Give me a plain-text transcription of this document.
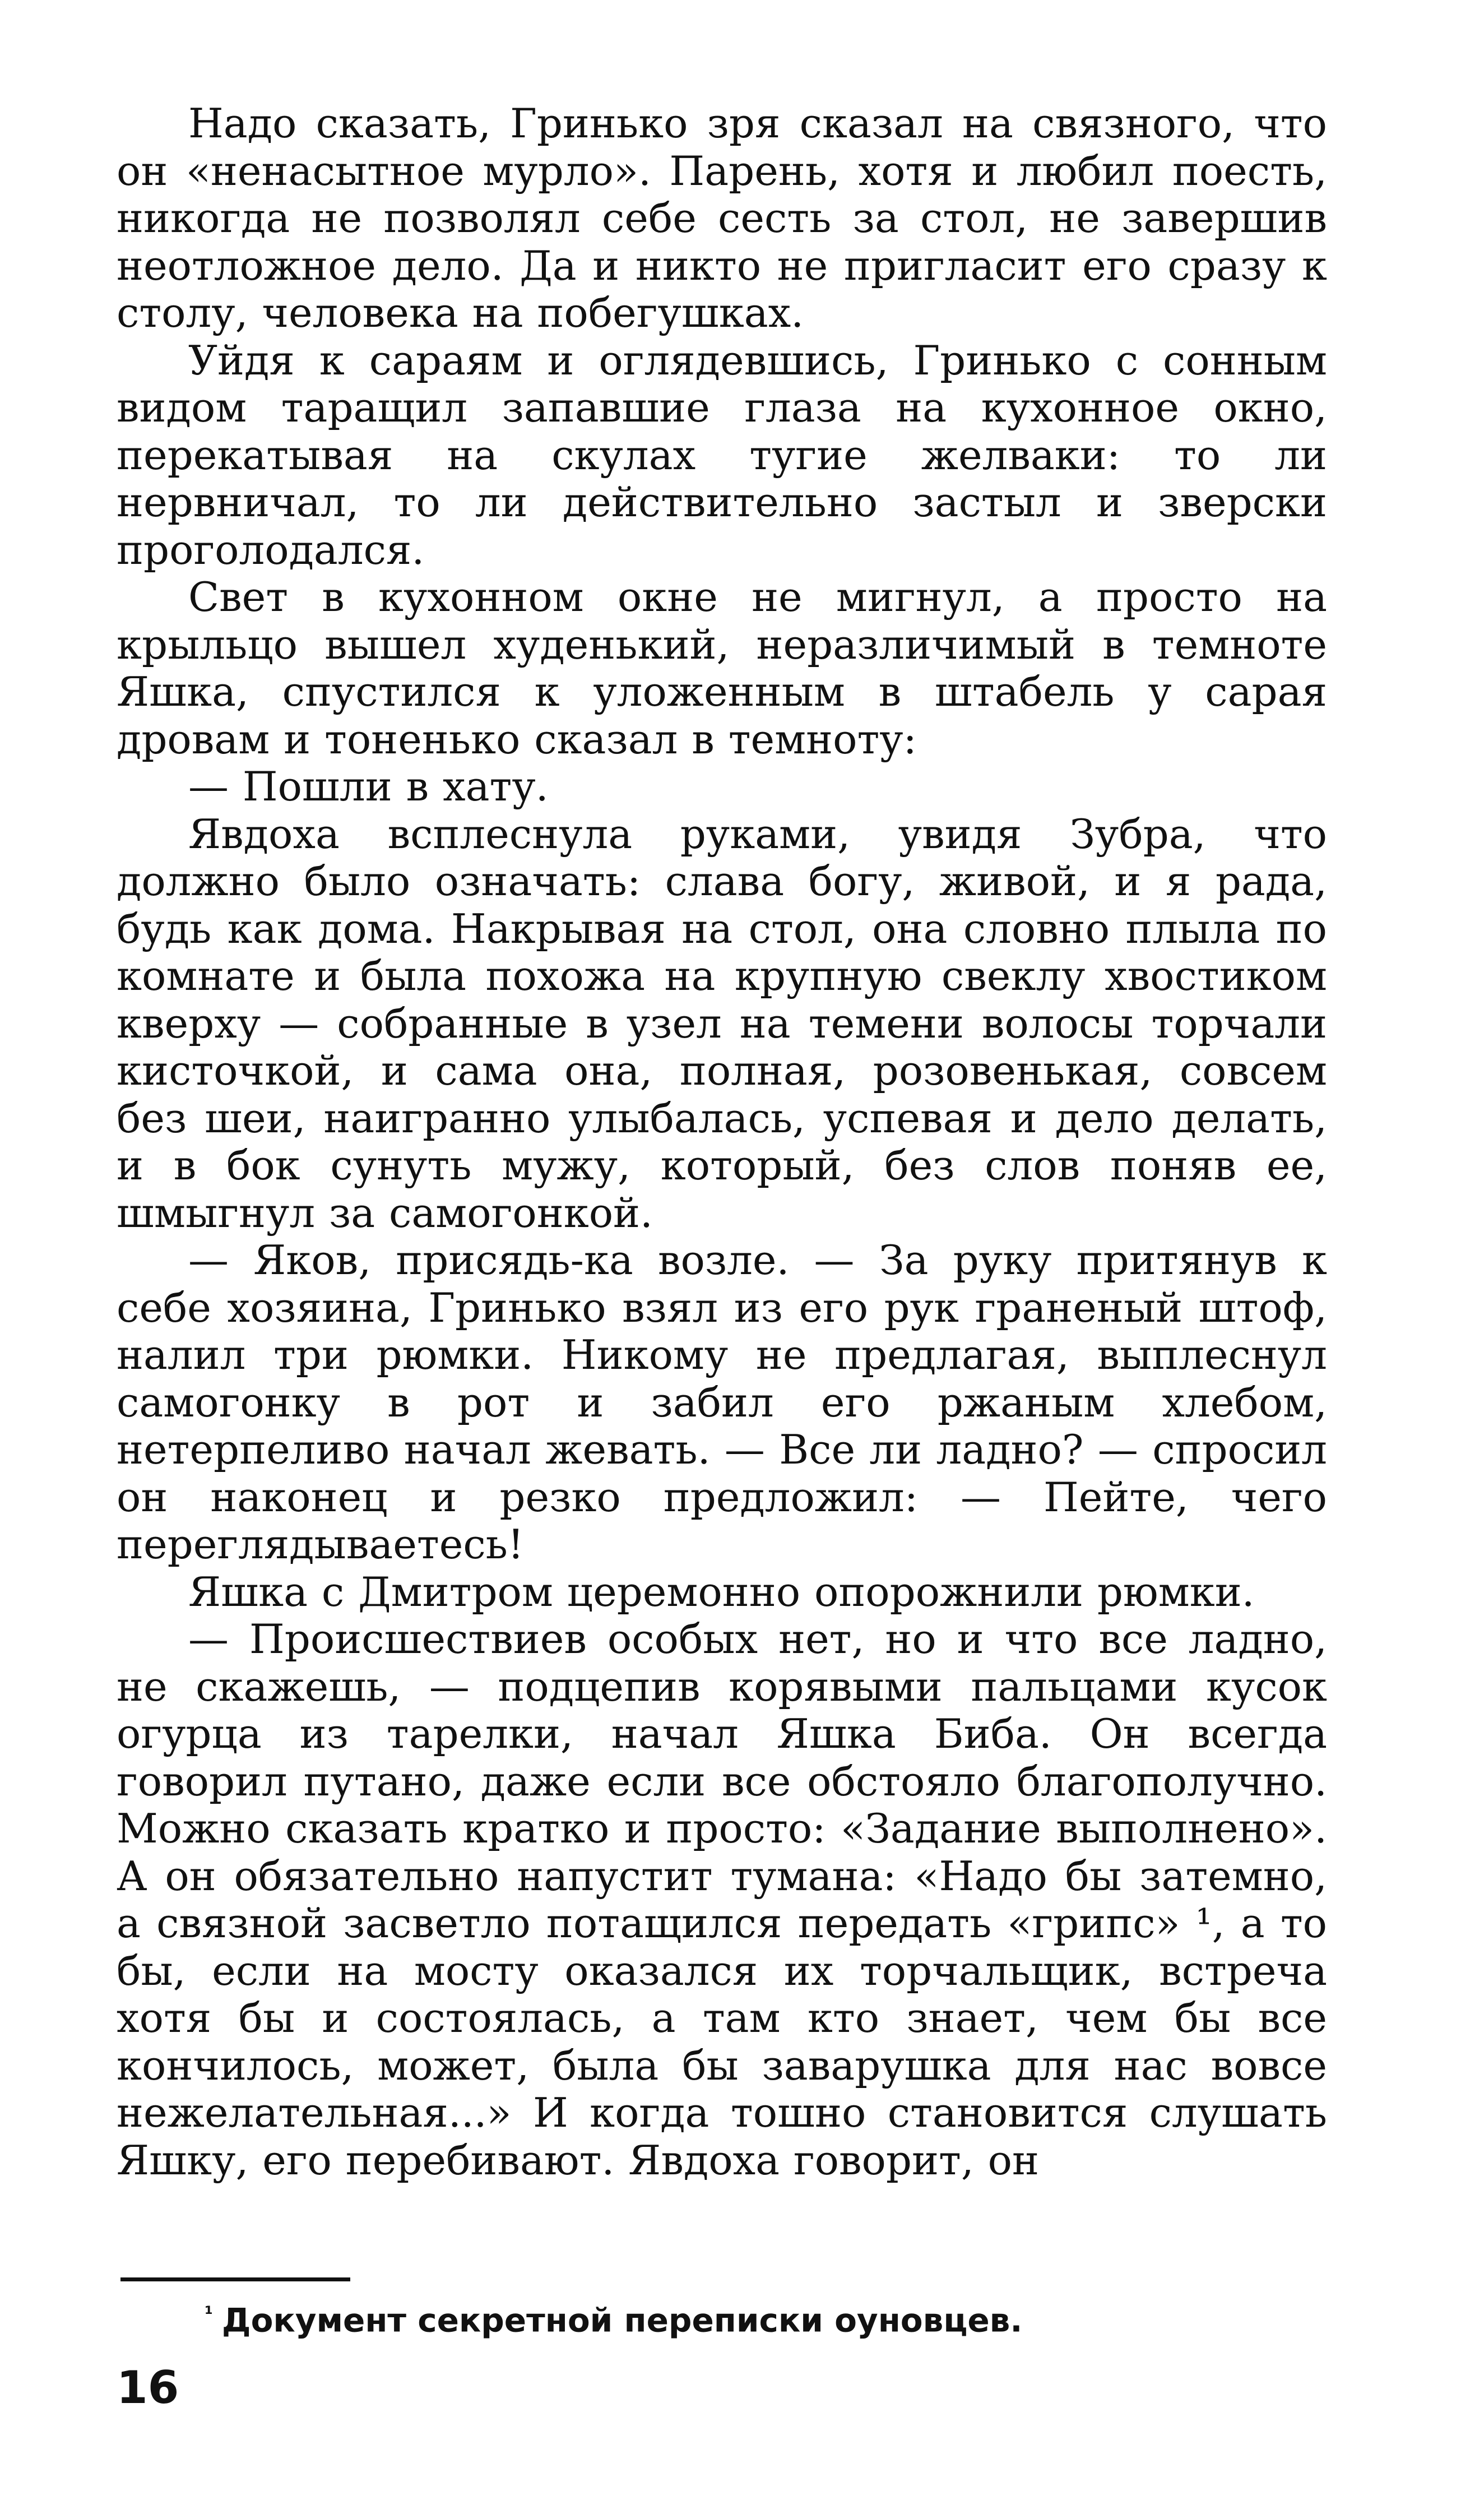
Надо сказать, Гринько зря сказал на связного, что он «ненасытное мурло». Парень, хотя и любил поесть, никогда не позволял себе сесть за стол, не завершив неотложное дело. Да и никто не пригласит его сразу к столу, человека на побегушках.

Уйдя к сараям и оглядевшись, Гринько с сонным видом таращил запавшие глаза на кухонное окно, перекатывая на скулах тугие желваки: то ли нервничал, то ли действительно застыл и зверски проголодался.

Свет в кухонном окне не мигнул, а просто на крыльцо вышел худенький, неразличимый в темноте Яшка, спустился к уложенным в штабель у сарая дровам и тоненько сказал в темноту:

— Пошли в хату.

Явдоха всплеснула руками, увидя Зубра, что должно было означать: слава богу, живой, и я рада, будь как дома. Накрывая на стол, она словно плыла по комнате и была похожа на крупную свеклу хвостиком кверху — собранные в узел на темени волосы торчали кисточкой, и сама она, полная, розовенькая, совсем без шеи, наигранно улыбалась, успевая и дело делать, и в бок сунуть мужу, который, без слов поняв ее, шмыгнул за самогонкой.

— Яков, присядь-ка возле. — За руку притянув к себе хозяина, Гринько взял из его рук граненый штоф, налил три рюмки. Никому не предлагая, выплеснул самогонку в рот и забил его ржаным хлебом, нетерпеливо начал жевать. — Все ли ладно? — спросил он наконец и резко предложил: — Пейте, чего переглядываетесь!

Яшка с Дмитром церемонно опорожнили рюмки.

— Происшествиев особых нет, но и что все ладно, не скажешь, — подцепив корявыми пальцами кусок огурца из тарелки, начал Яшка Биба. Он всегда говорил путано, даже если все обстояло благополучно. Можно сказать кратко и просто: «Задание выполнено». А он обязательно напустит тумана: «Надо бы затемно, а связной засветло потащился передать «грипс» ¹, а то бы, если на мосту оказался их торчальщик, встреча хотя бы и состоялась, а там кто знает, чем бы все кончилось, может, была бы заварушка для нас вовсе нежелательная...» И когда тошно становится слушать Яшку, его перебивают. Явдоха говорит, он

$^{^1}$ Документ секретной переписки оуновцев.

16
